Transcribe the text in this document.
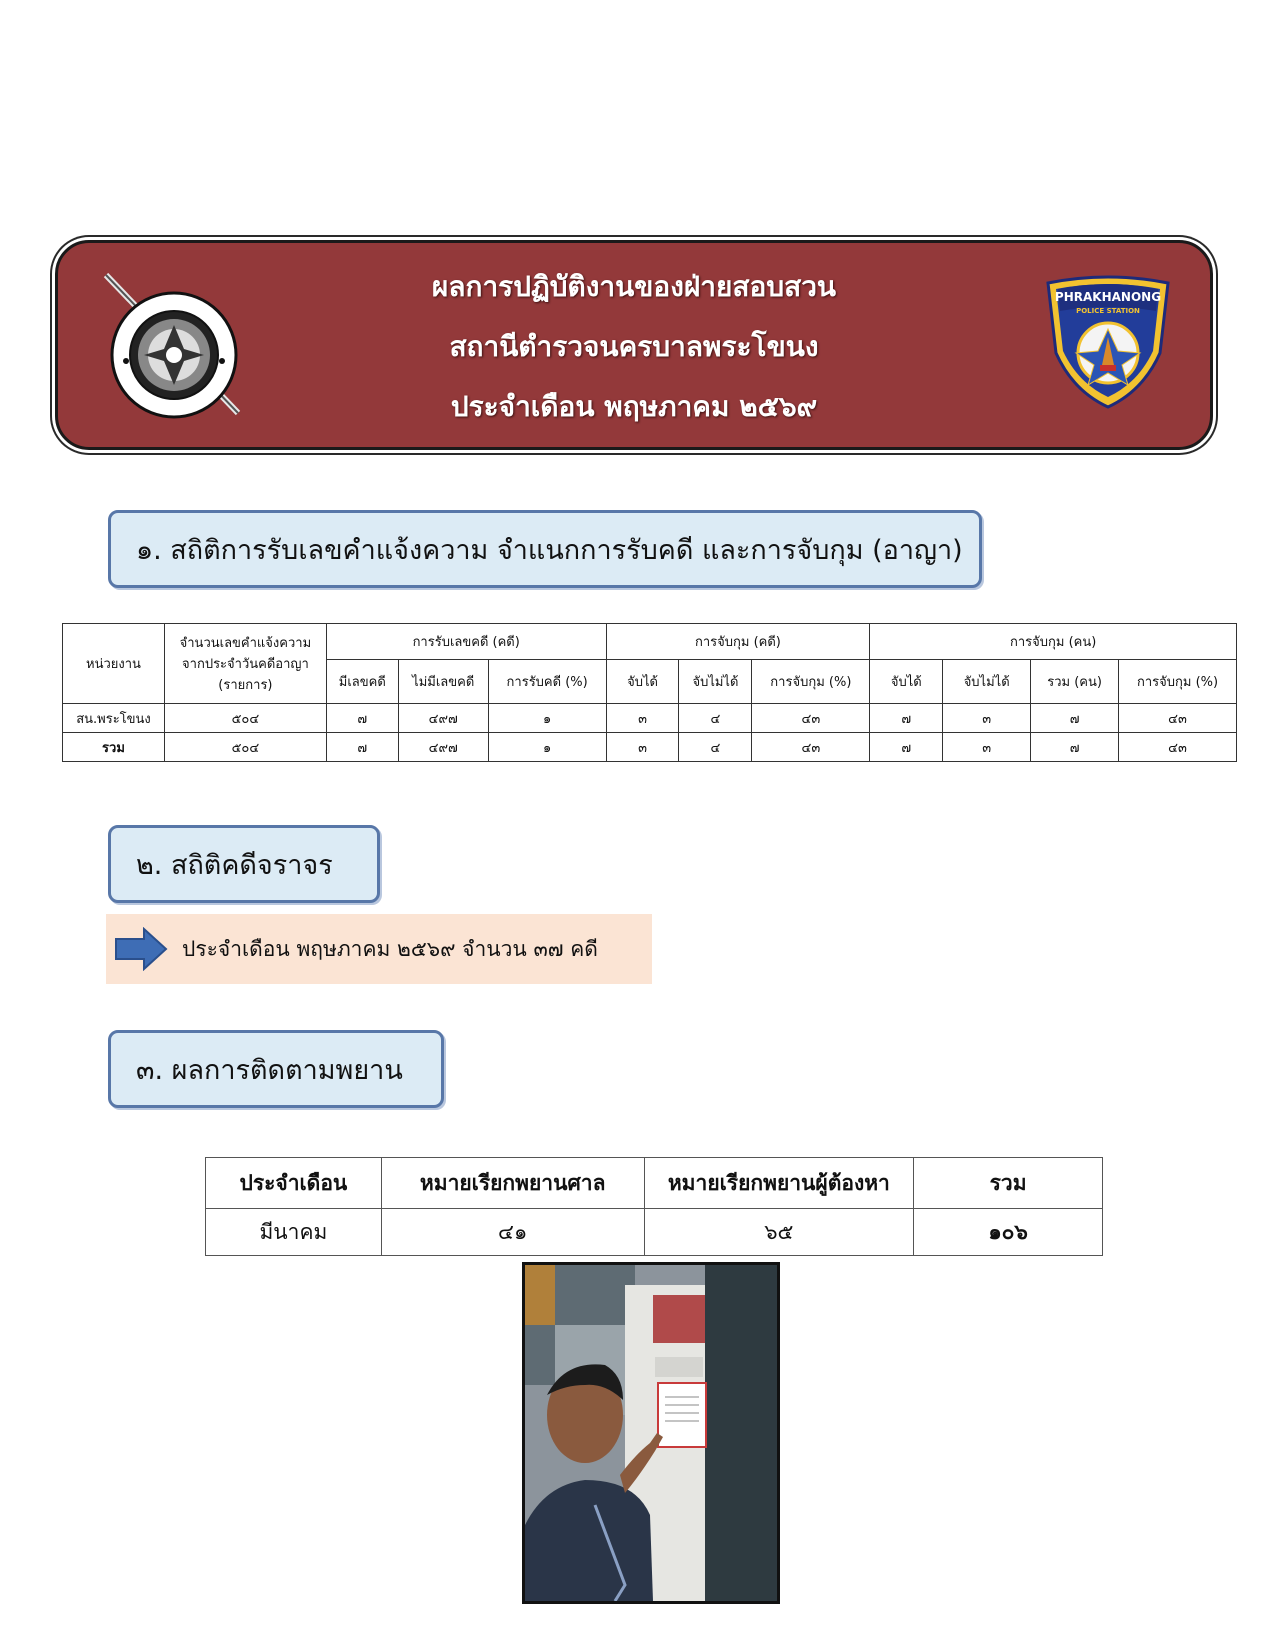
ผลการปฏิบัติงานของฝ่ายสอบสวน
สถานีตำรวจนครบาลพระโขนง
ประจำเดือน พฤษภาคม ๒๕๖๙
PHRAKHANONG
POLICE STATION
๑. สถิติการรับเลขคำแจ้งความ จำแนกการรับคดี และการจับกุม (อาญา)
หน่วยงาน	จำนวนเลขคำแจ้งความ
จากประจำวันคดีอาญา
(รายการ)	การรับเลขคดี (คดี)			การจับกุม (คดี)			การจับกุม (คน)			
		มีเลขคดี	ไม่มีเลขคดี	การรับคดี (%)	จับได้	จับไม่ได้	การจับกุม (%)	จับได้	จับไม่ได้	รวม (คน)	การจับกุม (%)
สน.พระโขนง	๕๐๔	๗	๔๙๗	๑	๓	๔	๔๓	๗	๓	๗	๔๓
รวม	๕๐๔	๗	๔๙๗	๑	๓	๔	๔๓	๗	๓	๗	๔๓
๒. สถิติคดีจราจร
ประจำเดือน พฤษภาคม ๒๕๖๙ จำนวน ๓๗ คดี
๓. ผลการติดตามพยาน
ประจำเดือน	หมายเรียกพยานศาล	หมายเรียกพยานผู้ต้องหา	รวม
มีนาคม	๔๑	๖๕	๑๐๖
